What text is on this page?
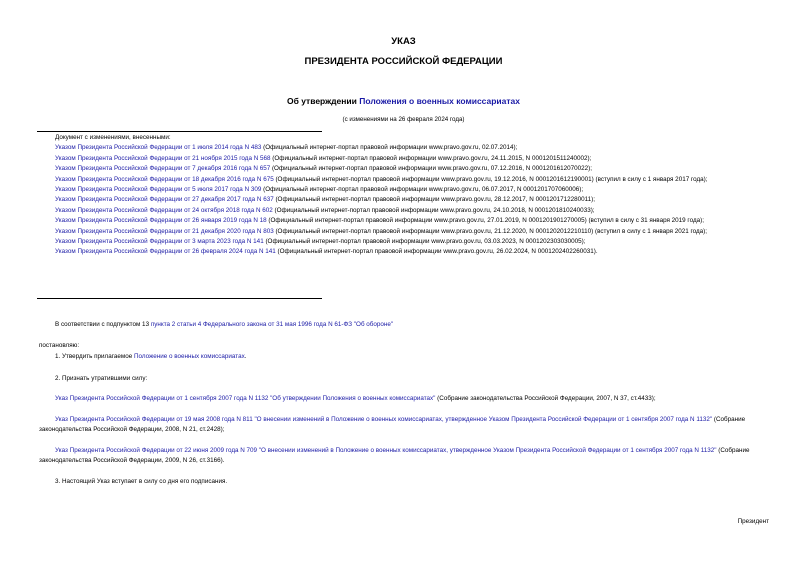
УКАЗ
ПРЕЗИДЕНТА РОССИЙСКОЙ ФЕДЕРАЦИИ
Об утверждении Положения о военных комиссариатах
(с изменениями на 26 февраля 2024 года)
Документ с изменениями, внесенными:
Указом Президента Российской Федерации от 1 июля 2014 года N 483 (Официальный интернет-портал правовой информации www.pravo.gov.ru, 02.07.2014);
Указом Президента Российской Федерации от 21 ноября 2015 года N 568 (Официальный интернет-портал правовой информации www.pravo.gov.ru, 24.11.2015, N 0001201511240002);
Указом Президента Российской Федерации от 7 декабря 2016 года N 657 (Официальный интернет-портал правовой информации www.pravo.gov.ru, 07.12.2016, N 0001201612070022);
Указом Президента Российской Федерации от 18 декабря 2016 года N 675 (Официальный интернет-портал правовой информации www.pravo.gov.ru, 19.12.2016, N 0001201612190001) (вступил в силу с 1 января 2017 года);
Указом Президента Российской Федерации от 5 июля 2017 года N 309 (Официальный интернет-портал правовой информации www.pravo.gov.ru, 06.07.2017, N 0001201707060006);
Указом Президента Российской Федерации от 27 декабря 2017 года N 637 (Официальный интернет-портал правовой информации www.pravo.gov.ru, 28.12.2017, N 0001201712280011);
Указом Президента Российской Федерации от 24 октября 2018 года N 602 (Официальный интернет-портал правовой информации www.pravo.gov.ru, 24.10.2018, N 0001201810240033);
Указом Президента Российской Федерации от 26 января 2019 года N 18 (Официальный интернет-портал правовой информации www.pravo.gov.ru, 27.01.2019, N 0001201901270005) (вступил в силу с 31 января 2019 года);
Указом Президента Российской Федерации от 21 декабря 2020 года N 803 (Официальный интернет-портал правовой информации www.pravo.gov.ru, 21.12.2020, N 0001202012210110) (вступил в силу с 1 января 2021 года);
Указом Президента Российской Федерации от 3 марта 2023 года N 141 (Официальный интернет-портал правовой информации www.pravo.gov.ru, 03.03.2023, N 0001202303030005);
Указом Президента Российской Федерации от 26 февраля 2024 года N 141 (Официальный интернет-портал правовой информации www.pravo.gov.ru, 26.02.2024, N 0001202402260031).
В соответствии с подпунктом 13 пункта 2 статьи 4 Федерального закона от 31 мая 1996 года N 61-ФЗ "Об обороне"
постановляю:
1. Утвердить прилагаемое Положение о военных комиссариатах.
2. Признать утратившими силу:
Указ Президента Российской Федерации от 1 сентября 2007 года N 1132 "Об утверждении Положения о военных комиссариатах" (Собрание законодательства Российской Федерации, 2007, N 37, ст.4433);
Указ Президента Российской Федерации от 19 мая 2008 года N 811 "О внесении изменений в Положение о военных комиссариатах, утвержденное Указом Президента Российской Федерации от 1 сентября 2007 года N 1132" (Собрание законодательства Российской Федерации, 2008, N 21, ст.2428);
Указ Президента Российской Федерации от 22 июня 2009 года N 709 "О внесении изменений в Положение о военных комиссариатах, утвержденное Указом Президента Российской Федерации от 1 сентября 2007 года N 1132" (Собрание законодательства Российской Федерации, 2009, N 26, ст.3166).
3. Настоящий Указ вступает в силу со дня его подписания.
Президент
